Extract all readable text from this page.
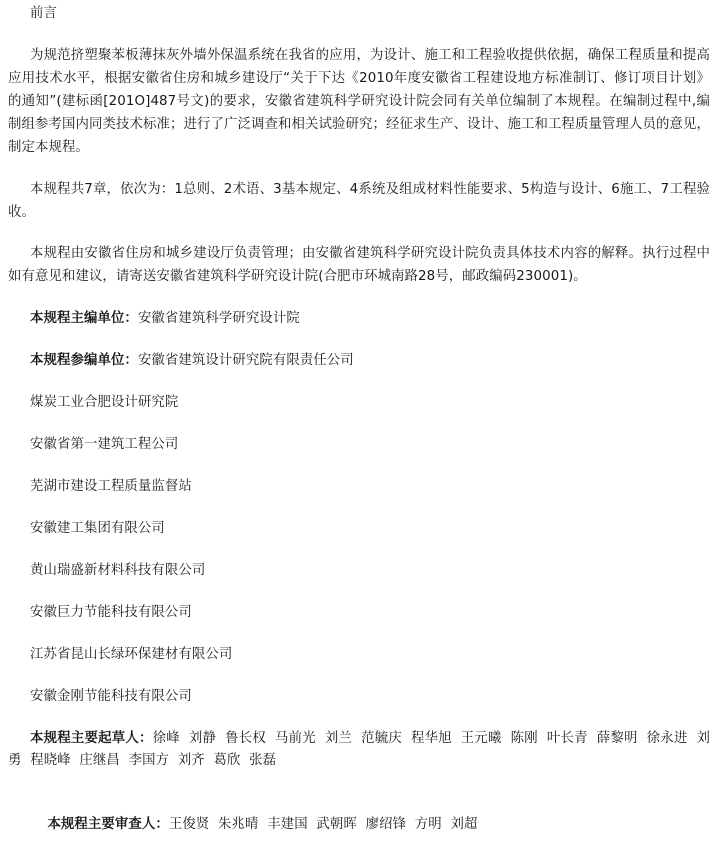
前言
为规范挤塑聚苯板薄抹灰外墙外保温系统在我省的应用，为设计、施工和工程验收提供依据，确保工程质量和提高应用技术水平，根据安徽省住房和城乡建设厅“关于下达《2010年度安徽省工程建设地方标准制订、修订项目计划》的通知”(建标函[201O]487号文)的要求，安徽省建筑科学研究设计院会同有关单位编制了本规程。在编制过程中,编制组参考国内同类技术标准；进行了广泛调查和相关试验研究；经征求生产、设计、施工和工程质量管理人员的意见，制定本规程。
本规程共7章，依次为：1总则、2术语、3基本规定、4系统及组成材料性能要求、5构造与设计、6施工、7工程验收。
本规程由安徽省住房和城乡建设厅负责管理；由安徽省建筑科学研究设计院负责具体技术内容的解释。执行过程中如有意见和建议，请寄送安徽省建筑科学研究设计院(合肥市环城南路28号，邮政编码230001)。
本规程主编单位：安徽省建筑科学研究设计院
本规程参编单位：安徽省建筑设计研究院有限责任公司
煤炭工业合肥设计研究院
安徽省第一建筑工程公司
芜湖市建设工程质量监督站
安徽建工集团有限公司
黄山瑞盛新材料科技有限公司
安徽巨力节能科技有限公司
江苏省昆山长绿环保建材有限公司
安徽金刚节能科技有限公司
本规程主要起草人：徐峰  刘静  鲁长权  马前光  刘兰  范毓庆  程华旭  王元曦  陈刚  叶长青  薛黎明  徐永进  刘勇  程晓峰  庄继昌  李国方  刘齐  葛欣  张磊

本规程主要审查人：王俊贤  朱兆晴  丰建国  武朝晖  廖绍锋  方明  刘超
